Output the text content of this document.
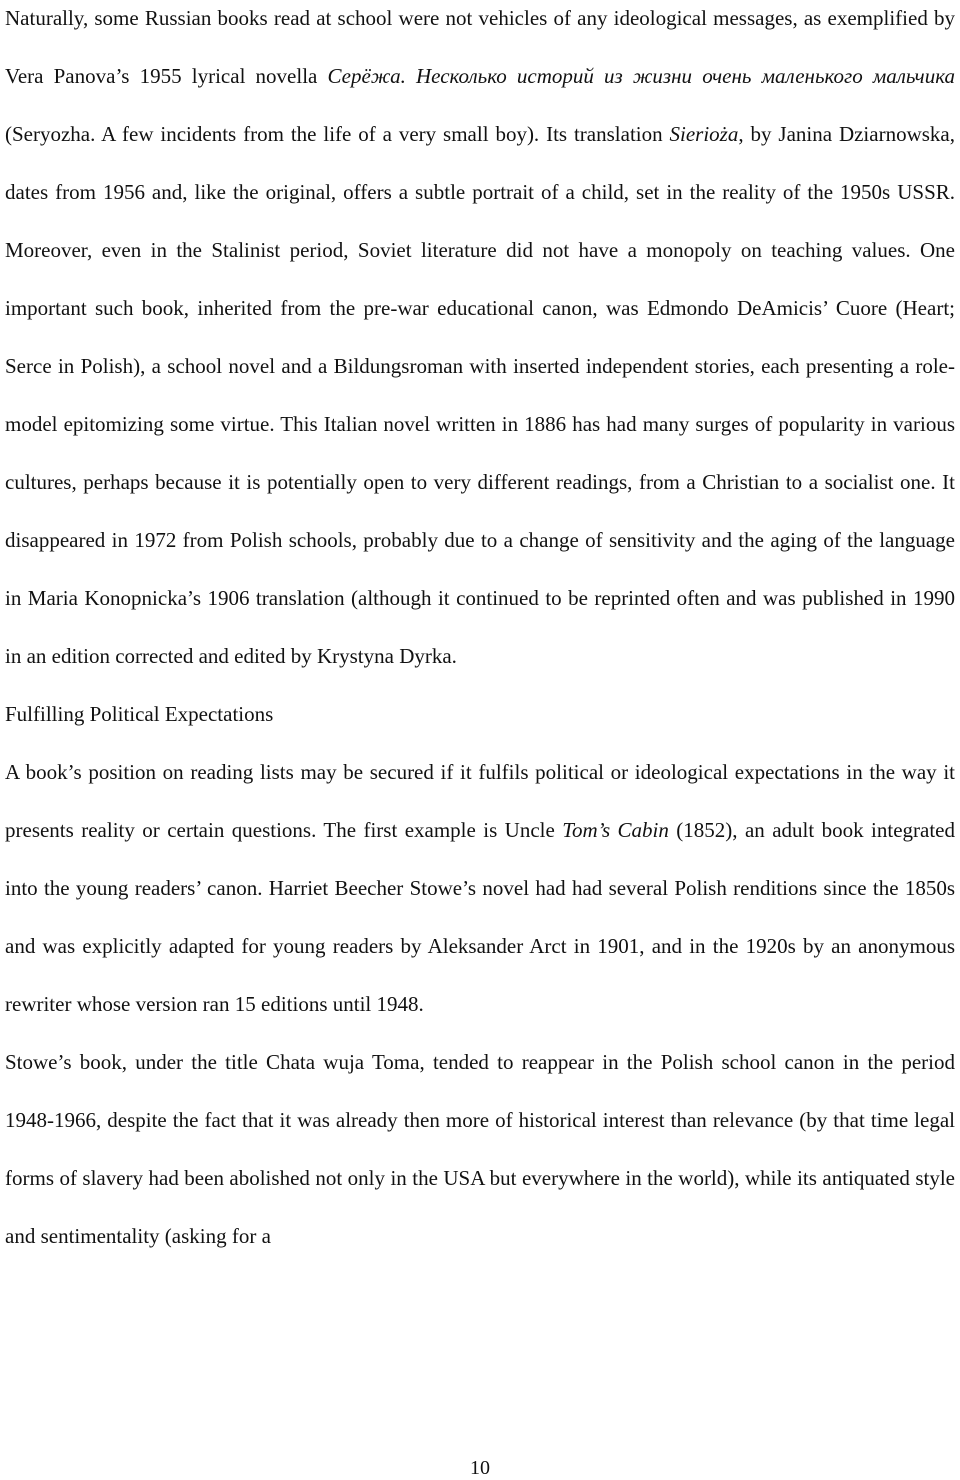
Naturally, some Russian books read at school were not vehicles of any ideological messages, as exemplified by Vera Panova’s 1955 lyrical novella Серёжа. Несколько историй из жизни очень маленького мальчика (Seryozha. A few incidents from the life of a very small boy). Its translation Sierioża, by Janina Dziarnowska, dates from 1956 and, like the original, offers a subtle portrait of a child, set in the reality of the 1950s USSR. Moreover, even in the Stalinist period, Soviet literature did not have a monopoly on teaching values. One important such book, inherited from the pre-war educational canon, was Edmondo DeAmicis’ Cuore (Heart; Serce in Polish), a school novel and a Bildungsroman with inserted independent stories, each presenting a role-model epitomizing some virtue. This Italian novel written in 1886 has had many surges of popularity in various cultures, perhaps because it is potentially open to very different readings, from a Christian to a socialist one. It disappeared in 1972 from Polish schools, probably due to a change of sensitivity and the aging of the language in Maria Konopnicka’s 1906 translation (although it continued to be reprinted often and was published in 1990 in an edition corrected and edited by Krystyna Dyrka.

Fulfilling Political Expectations

A book’s position on reading lists may be secured if it fulfils political or ideological expectations in the way it presents reality or certain questions. The first example is Uncle Tom’s Cabin (1852), an adult book integrated into the young readers’ canon. Harriet Beecher Stowe’s novel had had several Polish renditions since the 1850s and was explicitly adapted for young readers by Aleksander Arct in 1901, and in the 1920s by an anonymous rewriter whose version ran 15 editions until 1948.

Stowe’s book, under the title Chata wuja Toma, tended to reappear in the Polish school canon in the period 1948-1966, despite the fact that it was already then more of historical interest than relevance (by that time legal forms of slavery had been abolished not only in the USA but everywhere in the world), while its antiquated style and sentimentality (asking for a

10
